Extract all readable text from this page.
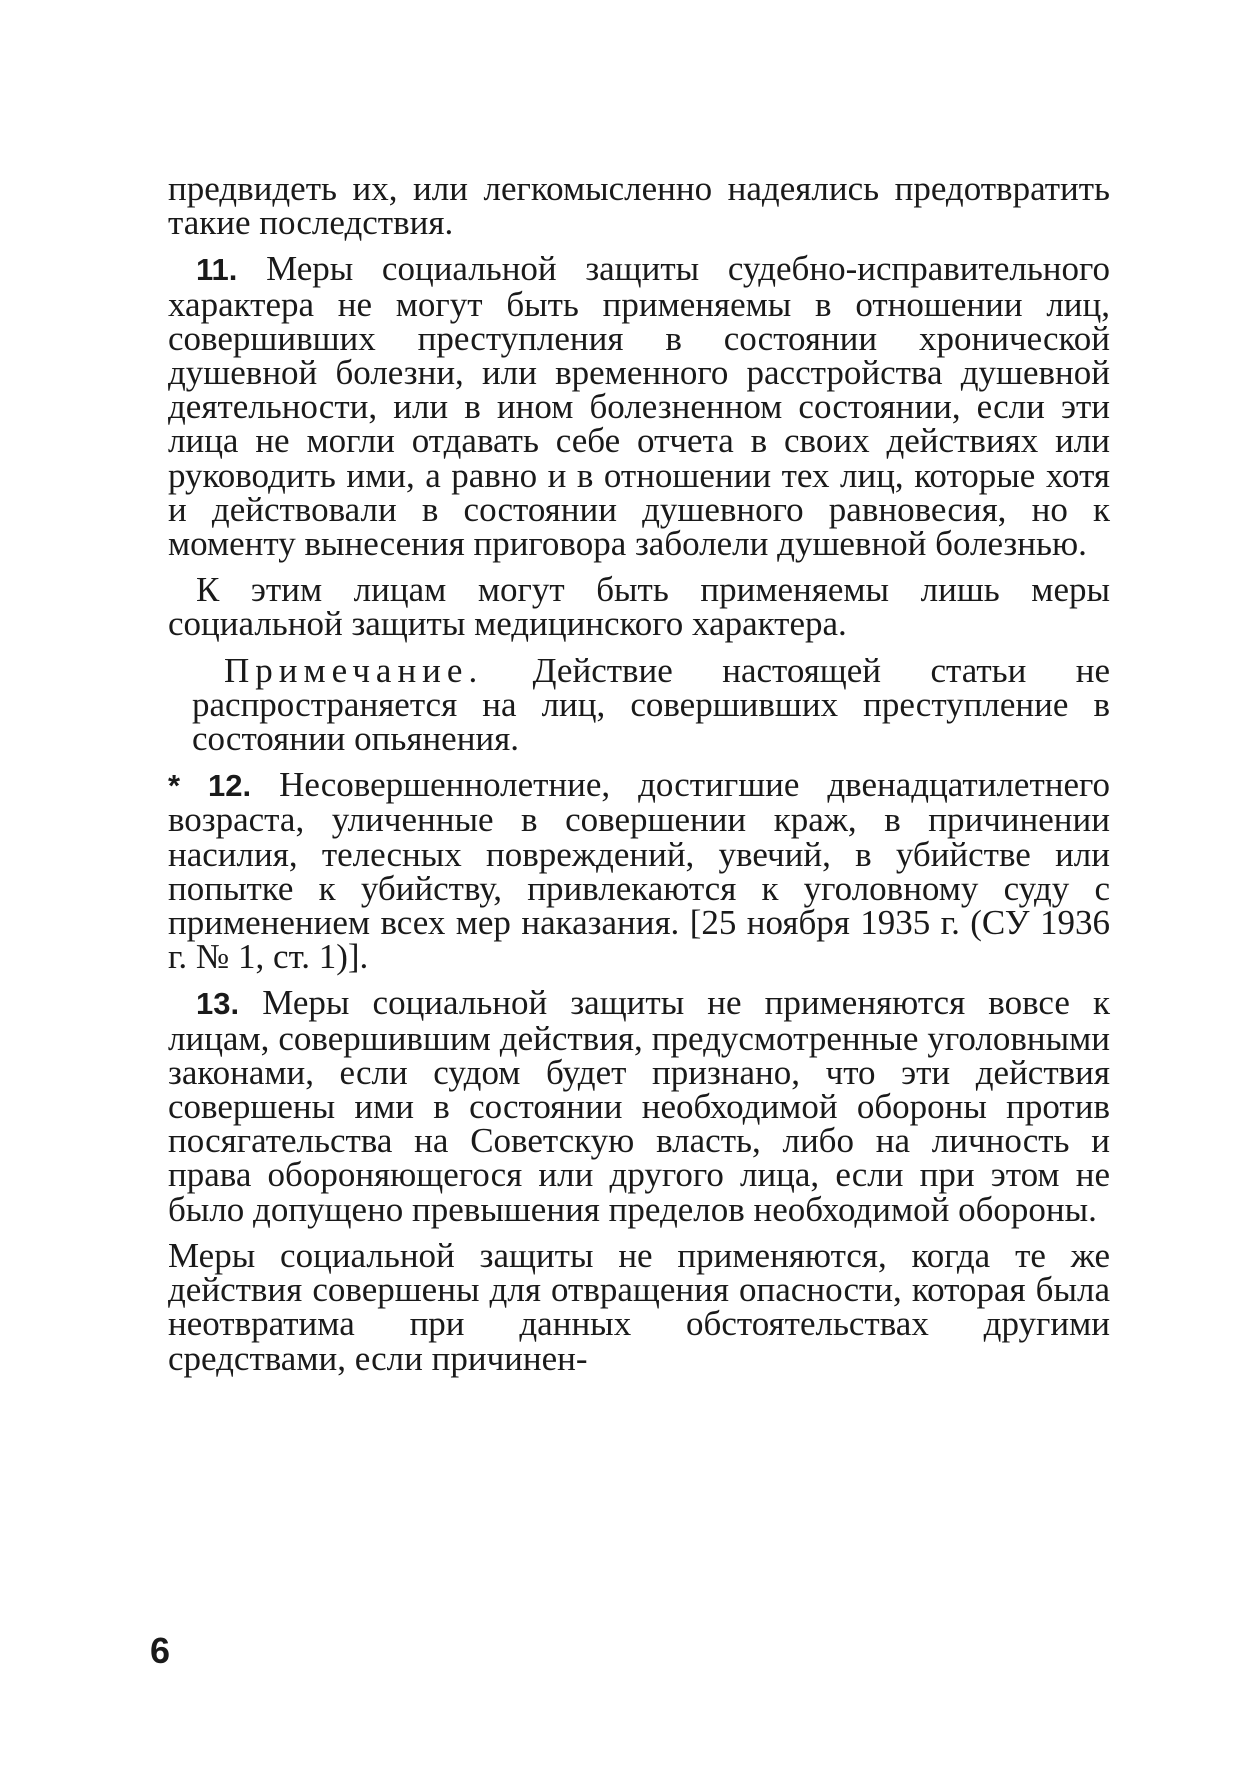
предвидеть их, или легкомысленно надеялись предотвратить такие последствия.

11. Меры социальной защиты судебно-исправительного характера не могут быть применяемы в отношении лиц, совершивших преступления в состоянии хронической душевной болезни, или временного расстройства душевной деятельности, или в ином болезненном состоянии, если эти лица не могли отдавать себе отчета в своих действиях или руководить ими, а равно и в отношении тех лиц, которые хотя и действовали в состоянии душевного равновесия, но к моменту вынесения приговора заболели душевной болезнью.

К этим лицам могут быть применяемы лишь меры социальной защиты медицинского характера.

Примечание. Действие настоящей статьи не распространяется на лиц, совершивших преступление в состоянии опьянения.

* 12. Несовершеннолетние, достигшие двенадцатилетнего возраста, уличенные в совершении краж, в причинении насилия, телесных повреждений, увечий, в убийстве или попытке к убийству, привлекаются к уголовному суду с применением всех мер наказания. [25 ноября 1935 г. (СУ 1936 г. № 1, ст. 1)].

13. Меры социальной защиты не применяются вовсе к лицам, совершившим действия, предусмотренные уголовными законами, если судом будет признано, что эти действия совершены ими в состоянии необходимой обороны против посягательства на Советскую власть, либо на личность и права обороняющегося или другого лица, если при этом не было допущено превышения пределов необходимой обороны.

Меры социальной защиты не применяются, когда те же действия совершены для отвращения опасности, которая была неотвратима при данных обстоятельствах другими средствами, если причинен-

6
